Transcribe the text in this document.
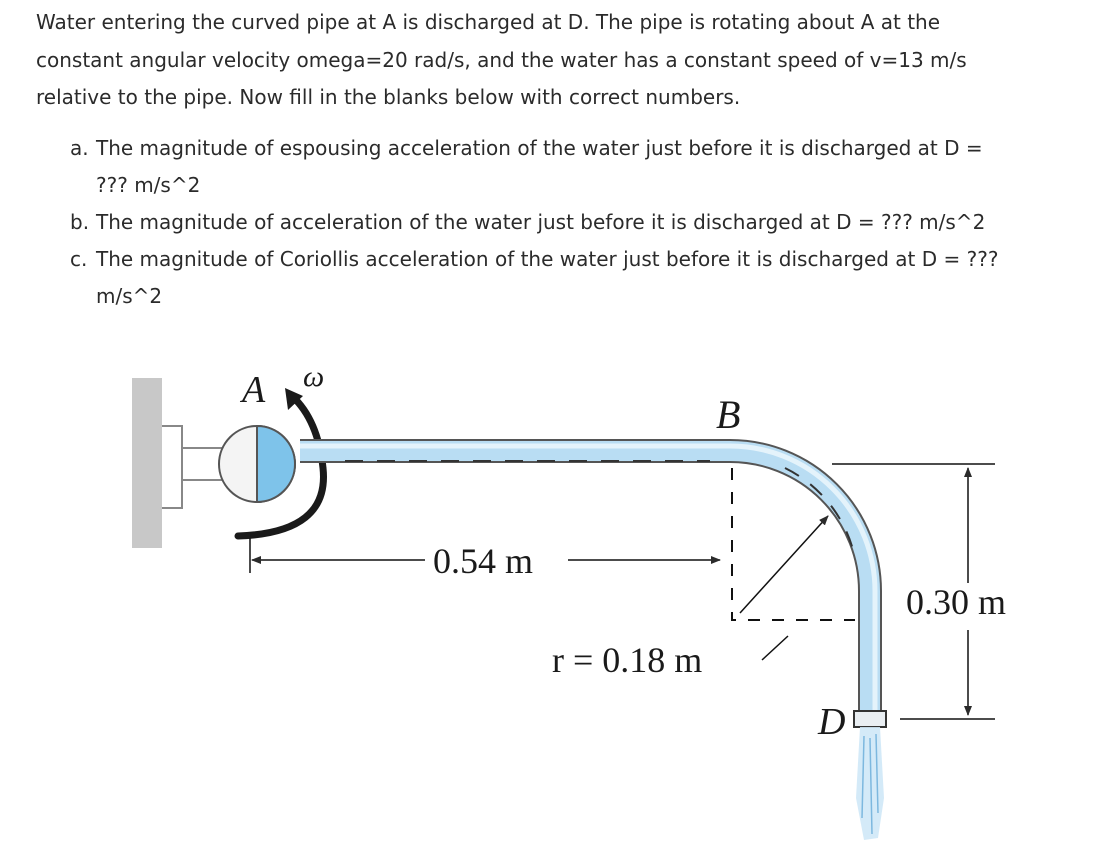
Water entering the curved pipe at A is discharged at D. The pipe is rotating about A at the

constant angular velocity omega=20 rad/s, and the water has a constant speed of v=13 m/s

relative to the pipe. Now fill in the blanks below with correct numbers.

a. The magnitude of espousing acceleration of the water just before it is discharged at D =
??? m/s^2
b. The magnitude of acceleration of the water just before it is discharged at D = ??? m/s^2
c. The magnitude of Coriollis acceleration of the water just before it is discharged at D = ???
m/s^2
0.54 m
r = 0.18 m
0.30 m
A ω
B
D
